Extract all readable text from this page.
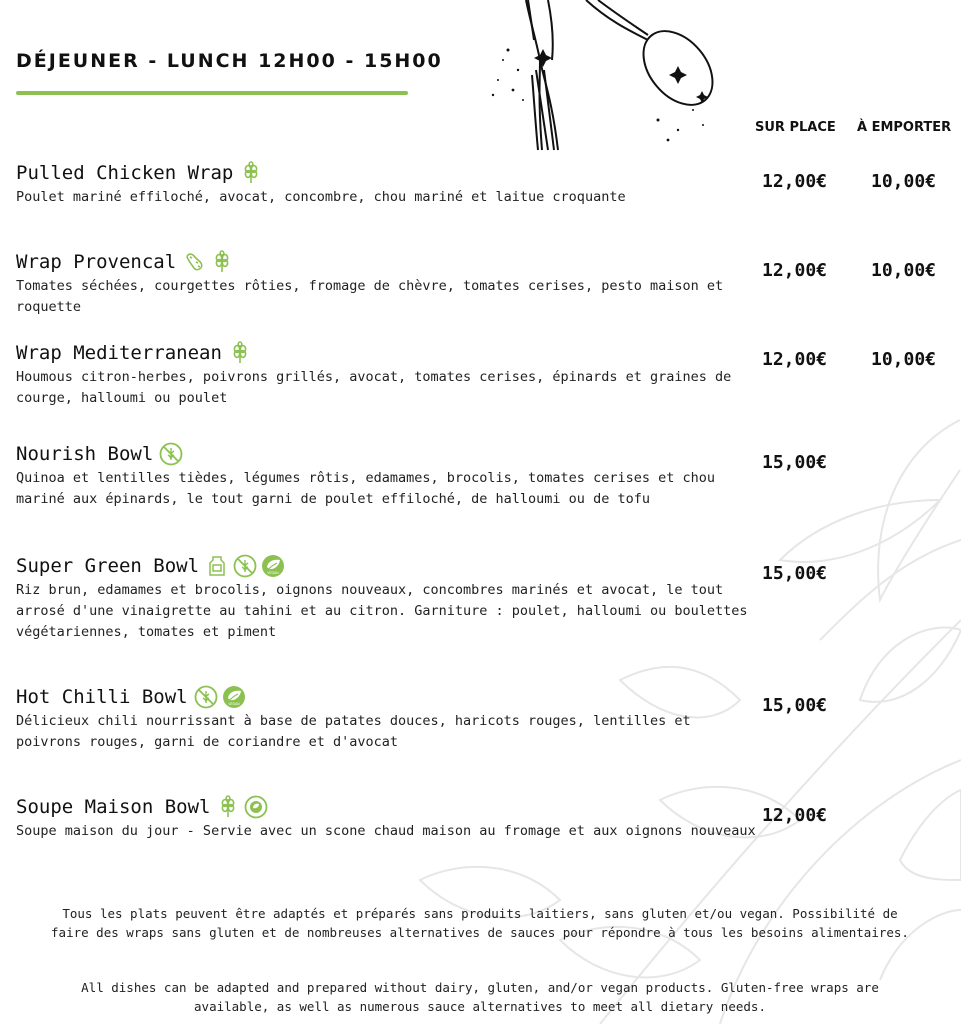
DÉJEUNER - LUNCH 12H00 - 15H00
SUR PLACE À EMPORTER
Pulled Chicken Wrap
Poulet mariné effiloché, avocat, concombre, chou mariné et laitue croquante
12,00€ 10,00€
Wrap Provencal
Tomates séchées, courgettes rôties, fromage de chèvre, tomates cerises, pesto maison et roquette
12,00€ 10,00€
Wrap Mediterranean
Houmous citron-herbes, poivrons grillés, avocat, tomates cerises, épinards et graines de courge, halloumi ou poulet
12,00€ 10,00€
Nourish Bowl
Quinoa et lentilles tièdes, légumes rôtis, edamames, brocolis, tomates cerises et chou mariné aux épinards, le tout garni de poulet effiloché, de halloumi ou de tofu
15,00€
Super Green Bowl	VEGAN
Riz brun, edamames et brocolis, oignons nouveaux, concombres marinés et avocat, le tout arrosé d'une vinaigrette au tahini et au citron. Garniture : poulet, halloumi ou boulettes végétariennes, tomates et piment
15,00€
Hot Chilli Bowl	VEGAN
Délicieux chili nourrissant à base de patates douces, haricots rouges, lentilles et poivrons rouges, garni de coriandre et d'avocat
15,00€
Soupe Maison Bowl
Soupe maison du jour - Servie avec un scone chaud maison au fromage et aux oignons nouveaux
12,00€
Tous les plats peuvent être adaptés et préparés sans produits laitiers, sans gluten et/ou vegan. Possibilité de faire des wraps sans gluten et de nombreuses alternatives de sauces pour répondre à tous les besoins alimentaires.
All dishes can be adapted and prepared without dairy, gluten, and/or vegan products. Gluten-free wraps are available, as well as numerous sauce alternatives to meet all dietary needs.
